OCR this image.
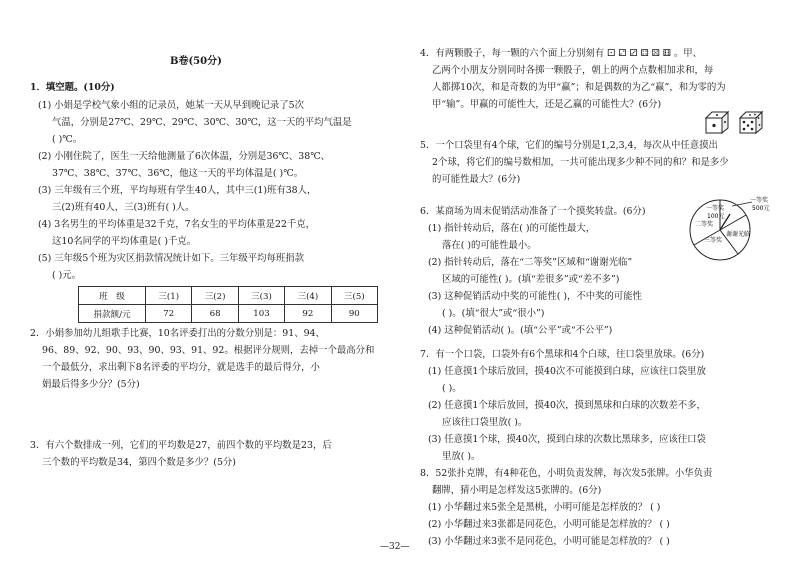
B卷(50分)
1．填空题。(10分)
(1) 小娟是学校气象小组的记录员，她某一天从早到晚记录了5次
气温，分别是27℃、29℃、29℃、30℃、30℃，这一天的平均气温是
( )℃。
(2) 小刚住院了，医生一天给他测量了6次体温，分别是36℃、38℃、
37℃、38℃、37℃、36℃，他这一天的平均体温是( )℃。
(3) 三年级有三个班，平均每班有学生40人，其中三(1)班有38人，
三(2)班有40人，三(3)班有( )人。
(4) 3名男生的平均体重是32千克，7名女生的平均体重是22千克，
这10名同学的平均体重是( )千克。
(5) 三年级5个班为灾区捐款情况统计如下。三年级平均每班捐款
( )元。
班　级	三(1)	三(2)	三(3)	三(4)	三(5)
捐款额/元	72	68	103	92	90
2．小娟参加幼儿组歌手比赛，10名评委打出的分数分别是：91、94、
96、89、92、90、93、90、93、91、92。根据评分规则，去掉一个最高分和
一个最低分，求出剩下8名评委的平均分，就是选手的最后得分，小
娟最后得多少分？(5分)
3．有六个数排成一列，它们的平均数是27，前四个数的平均数是23，后
三个数的平均数是34，第四个数是多少？(5分)
4．有两颗骰子，每一颗的六个面上分别刻有 ⚀ ⚁ ⚂ ⚃ ⚄ ⚅ 。甲、
乙两个小朋友分别同时各掷一颗骰子，朝上的两个点数相加求和，每
人都掷10次，和是奇数的为甲“赢”；和是偶数的为乙“赢”，和为零的为
甲“输”。甲赢的可能性大，还是乙赢的可能性大？(6分)
5．一个口袋里有4个球，它们的编号分别是1,2,3,4，每次从中任意摸出
2个球，将它们的编号数相加，一共可能出现多少种不同的和？和是多少
的可能性最大？(6分)
6．某商场为周末促销活动准备了一个摸奖转盘。(6分)
(1) 指针转动后，落在( )的可能性最大，
落在( )的可能性最小。
(2) 指针转动后，落在“二等奖”区域和“谢谢光临”
区域的可能性( )。(填“差很多”或“差不多”)
(3) 这种促销活动中奖的可能性( )，不中奖的可能性
( )。(填“很大”或“很小”)
(4) 这种促销活动( )。(填“公平”或“不公平”)
一等奖
100元
二等奖
三等奖
谢谢光临
一等奖
500元
7．有一个口袋，口袋外有6个黑球和4个白球，往口袋里放球。(6分)
(1) 任意摸1个球后放回，摸40次不可能摸到白球，应该往口袋里放
( )。
(2) 任意摸1个球后放回，摸40次，摸到黑球和白球的次数差不多，
应该往口袋里放( )。
(3) 任意摸1个球，摸40次，摸到白球的次数比黑球多，应该往口袋
里放( )。
8．52张扑克牌，有4种花色，小明负责发牌，每次发5张牌。小华负责
翻牌，猜小明是怎样发这5张牌的。(6分)
(1) 小华翻过来5张全是黑桃，小明可能是怎样放的？ ( )
(2) 小华翻过来3张都是同花色，小明可能是怎样放的？ ( )
(3) 小华翻过来3张不是同花色，小明可能是怎样放的？ ( )
—32—
